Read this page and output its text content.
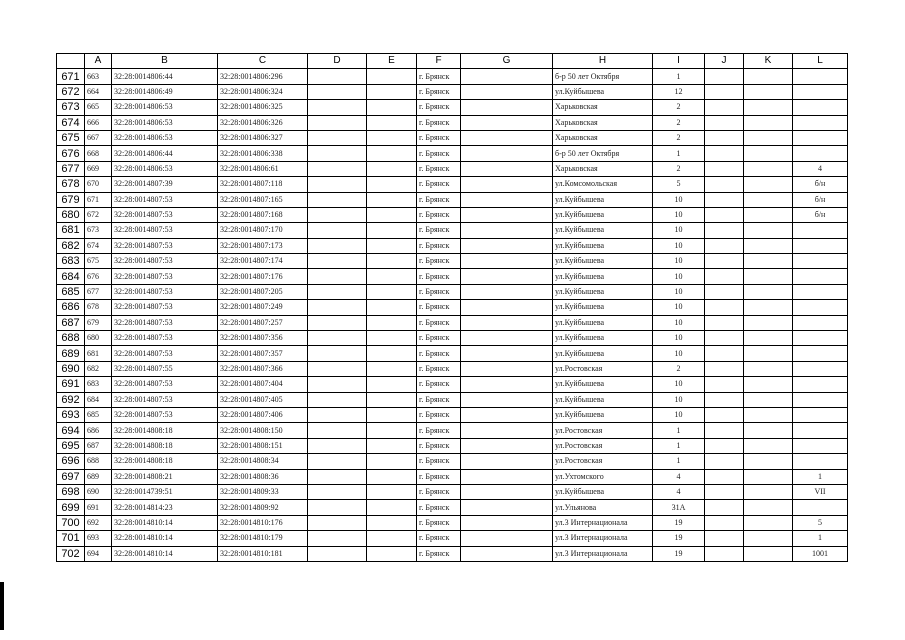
	A	B	C	D	E	F	G	H	I	J	K	L
671	663	32:28:0014806:44	32:28:0014806:296			г. Брянск		б-р 50 лет Октября	1			
672	664	32:28:0014806:49	32:28:0014806:324			г. Брянск		ул.Куйбышева	12			
673	665	32:28:0014806:53	32:28:0014806:325			г. Брянск		Харьковская	2			
674	666	32:28:0014806:53	32:28:0014806:326			г. Брянск		Харьковская	2			
675	667	32:28:0014806:53	32:28:0014806:327			г. Брянск		Харьковская	2			
676	668	32:28:0014806:44	32:28:0014806:338			г. Брянск		б-р 50 лет Октября	1			
677	669	32:28:0014806:53	32:28:0014806:61			г. Брянск		Харьковская	2			4
678	670	32:28:0014807:39	32:28:0014807:118			г. Брянск		ул.Комсомольская	5			б/н
679	671	32:28:0014807:53	32:28:0014807:165			г. Брянск		ул.Куйбышева	10			б/н
680	672	32:28:0014807:53	32:28:0014807:168			г. Брянск		ул.Куйбышева	10			б/н
681	673	32:28:0014807:53	32:28:0014807:170			г. Брянск		ул.Куйбышева	10			
682	674	32:28:0014807:53	32:28:0014807:173			г. Брянск		ул.Куйбышева	10			
683	675	32:28:0014807:53	32:28:0014807:174			г. Брянск		ул.Куйбышева	10			
684	676	32:28:0014807:53	32:28:0014807:176			г. Брянск		ул.Куйбышева	10			
685	677	32:28:0014807:53	32:28:0014807:205			г. Брянск		ул.Куйбышева	10			
686	678	32:28:0014807:53	32:28:0014807:249			г. Брянск		ул.Куйбышева	10			
687	679	32:28:0014807:53	32:28:0014807:257			г. Брянск		ул.Куйбышева	10			
688	680	32:28:0014807:53	32:28:0014807:356			г. Брянск		ул.Куйбышева	10			
689	681	32:28:0014807:53	32:28:0014807:357			г. Брянск		ул.Куйбышева	10			
690	682	32:28:0014807:55	32:28:0014807:366			г. Брянск		ул.Ростовская	2			
691	683	32:28:0014807:53	32:28:0014807:404			г. Брянск		ул.Куйбышева	10			
692	684	32:28:0014807:53	32:28:0014807:405			г. Брянск		ул.Куйбышева	10			
693	685	32:28:0014807:53	32:28:0014807:406			г. Брянск		ул.Куйбышева	10			
694	686	32:28:0014808:18	32:28:0014808:150			г. Брянск		ул.Ростовская	1			
695	687	32:28:0014808:18	32:28:0014808:151			г. Брянск		ул.Ростовская	1			
696	688	32:28:0014808:18	32:28:0014808:34			г. Брянск		ул.Ростовская	1			
697	689	32:28:0014808:21	32:28:0014808:36			г. Брянск		ул.Ухтомского	4			1
698	690	32:28:0014739:51	32:28:0014809:33			г. Брянск		ул.Куйбышева	4			VII
699	691	32:28:0014814:23	32:28:0014809:92			г. Брянск		ул.Ульянова	31А			
700	692	32:28:0014810:14	32:28:0014810:176			г. Брянск		ул.3 Интернационала	19			5
701	693	32:28:0014810:14	32:28:0014810:179			г. Брянск		ул.3 Интернационала	19			1
702	694	32:28:0014810:14	32:28:0014810:181			г. Брянск		ул.3 Интернационала	19			1001
